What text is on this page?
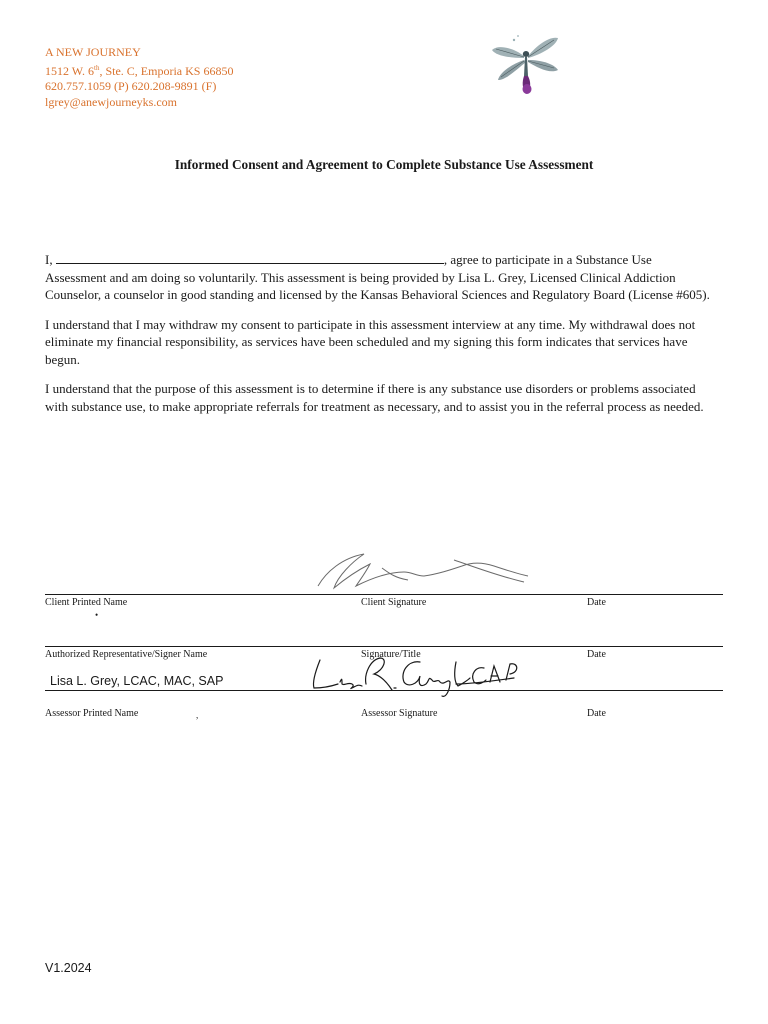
A NEW JOURNEY
1512 W. 6th, Ste. C, Emporia KS 66850
620.757.1059 (P) 620.208-9891 (F)
lgrey@anewjourneyks.com
Informed Consent and Agreement to Complete Substance Use Assessment

I,	, agree to participate in a Substance Use Assessment and am doing so voluntarily. This assessment is being provided by Lisa L. Grey, Licensed Clinical Addiction Counselor, a counselor in good standing and licensed by the Kansas Behavioral Sciences and Regulatory Board (License #605).

I understand that I may withdraw my consent to participate in this assessment interview at any time. My withdrawal does not eliminate my financial responsibility, as services have been scheduled and my signing this form indicates that services have begun.

I understand that the purpose of this assessment is to determine if there is any substance use disorders or problems associated with substance use, to make appropriate referrals for treatment as necessary, and to assist you in the referral process as needed.

Client Printed Name	Client Signature	Date
•
Authorized Representative/Signer Name	Signature/Title	Date
Lisa L. Grey, LCAC, MAC, SAP
Assessor Printed Name	Assessor Signature	Date
,
V1.2024
